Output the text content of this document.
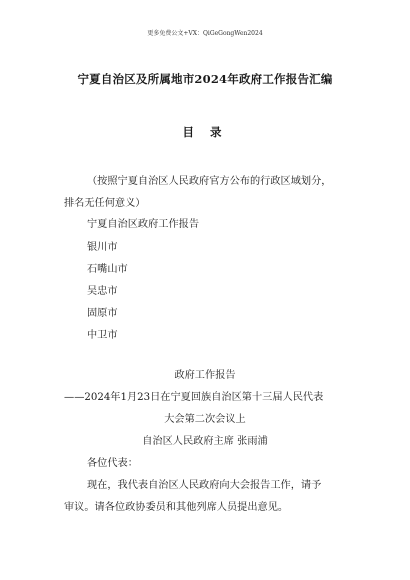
更多免费公文+VX：QiGeGongWen2024
宁夏自治区及所属地市2024年政府工作报告汇编
目 录
（按照宁夏自治区人民政府官方公布的行政区域划分，
排名无任何意义）
宁夏自治区政府工作报告
银川市
石嘴山市
吴忠市
固原市
中卫市
政府工作报告
——2024年1月23日在宁夏回族自治区第十三届人民代表
大会第二次会议上
自治区人民政府主席 张雨浦
各位代表：
现在，我代表自治区人民政府向大会报告工作，请予
审议。请各位政协委员和其他列席人员提出意见。
